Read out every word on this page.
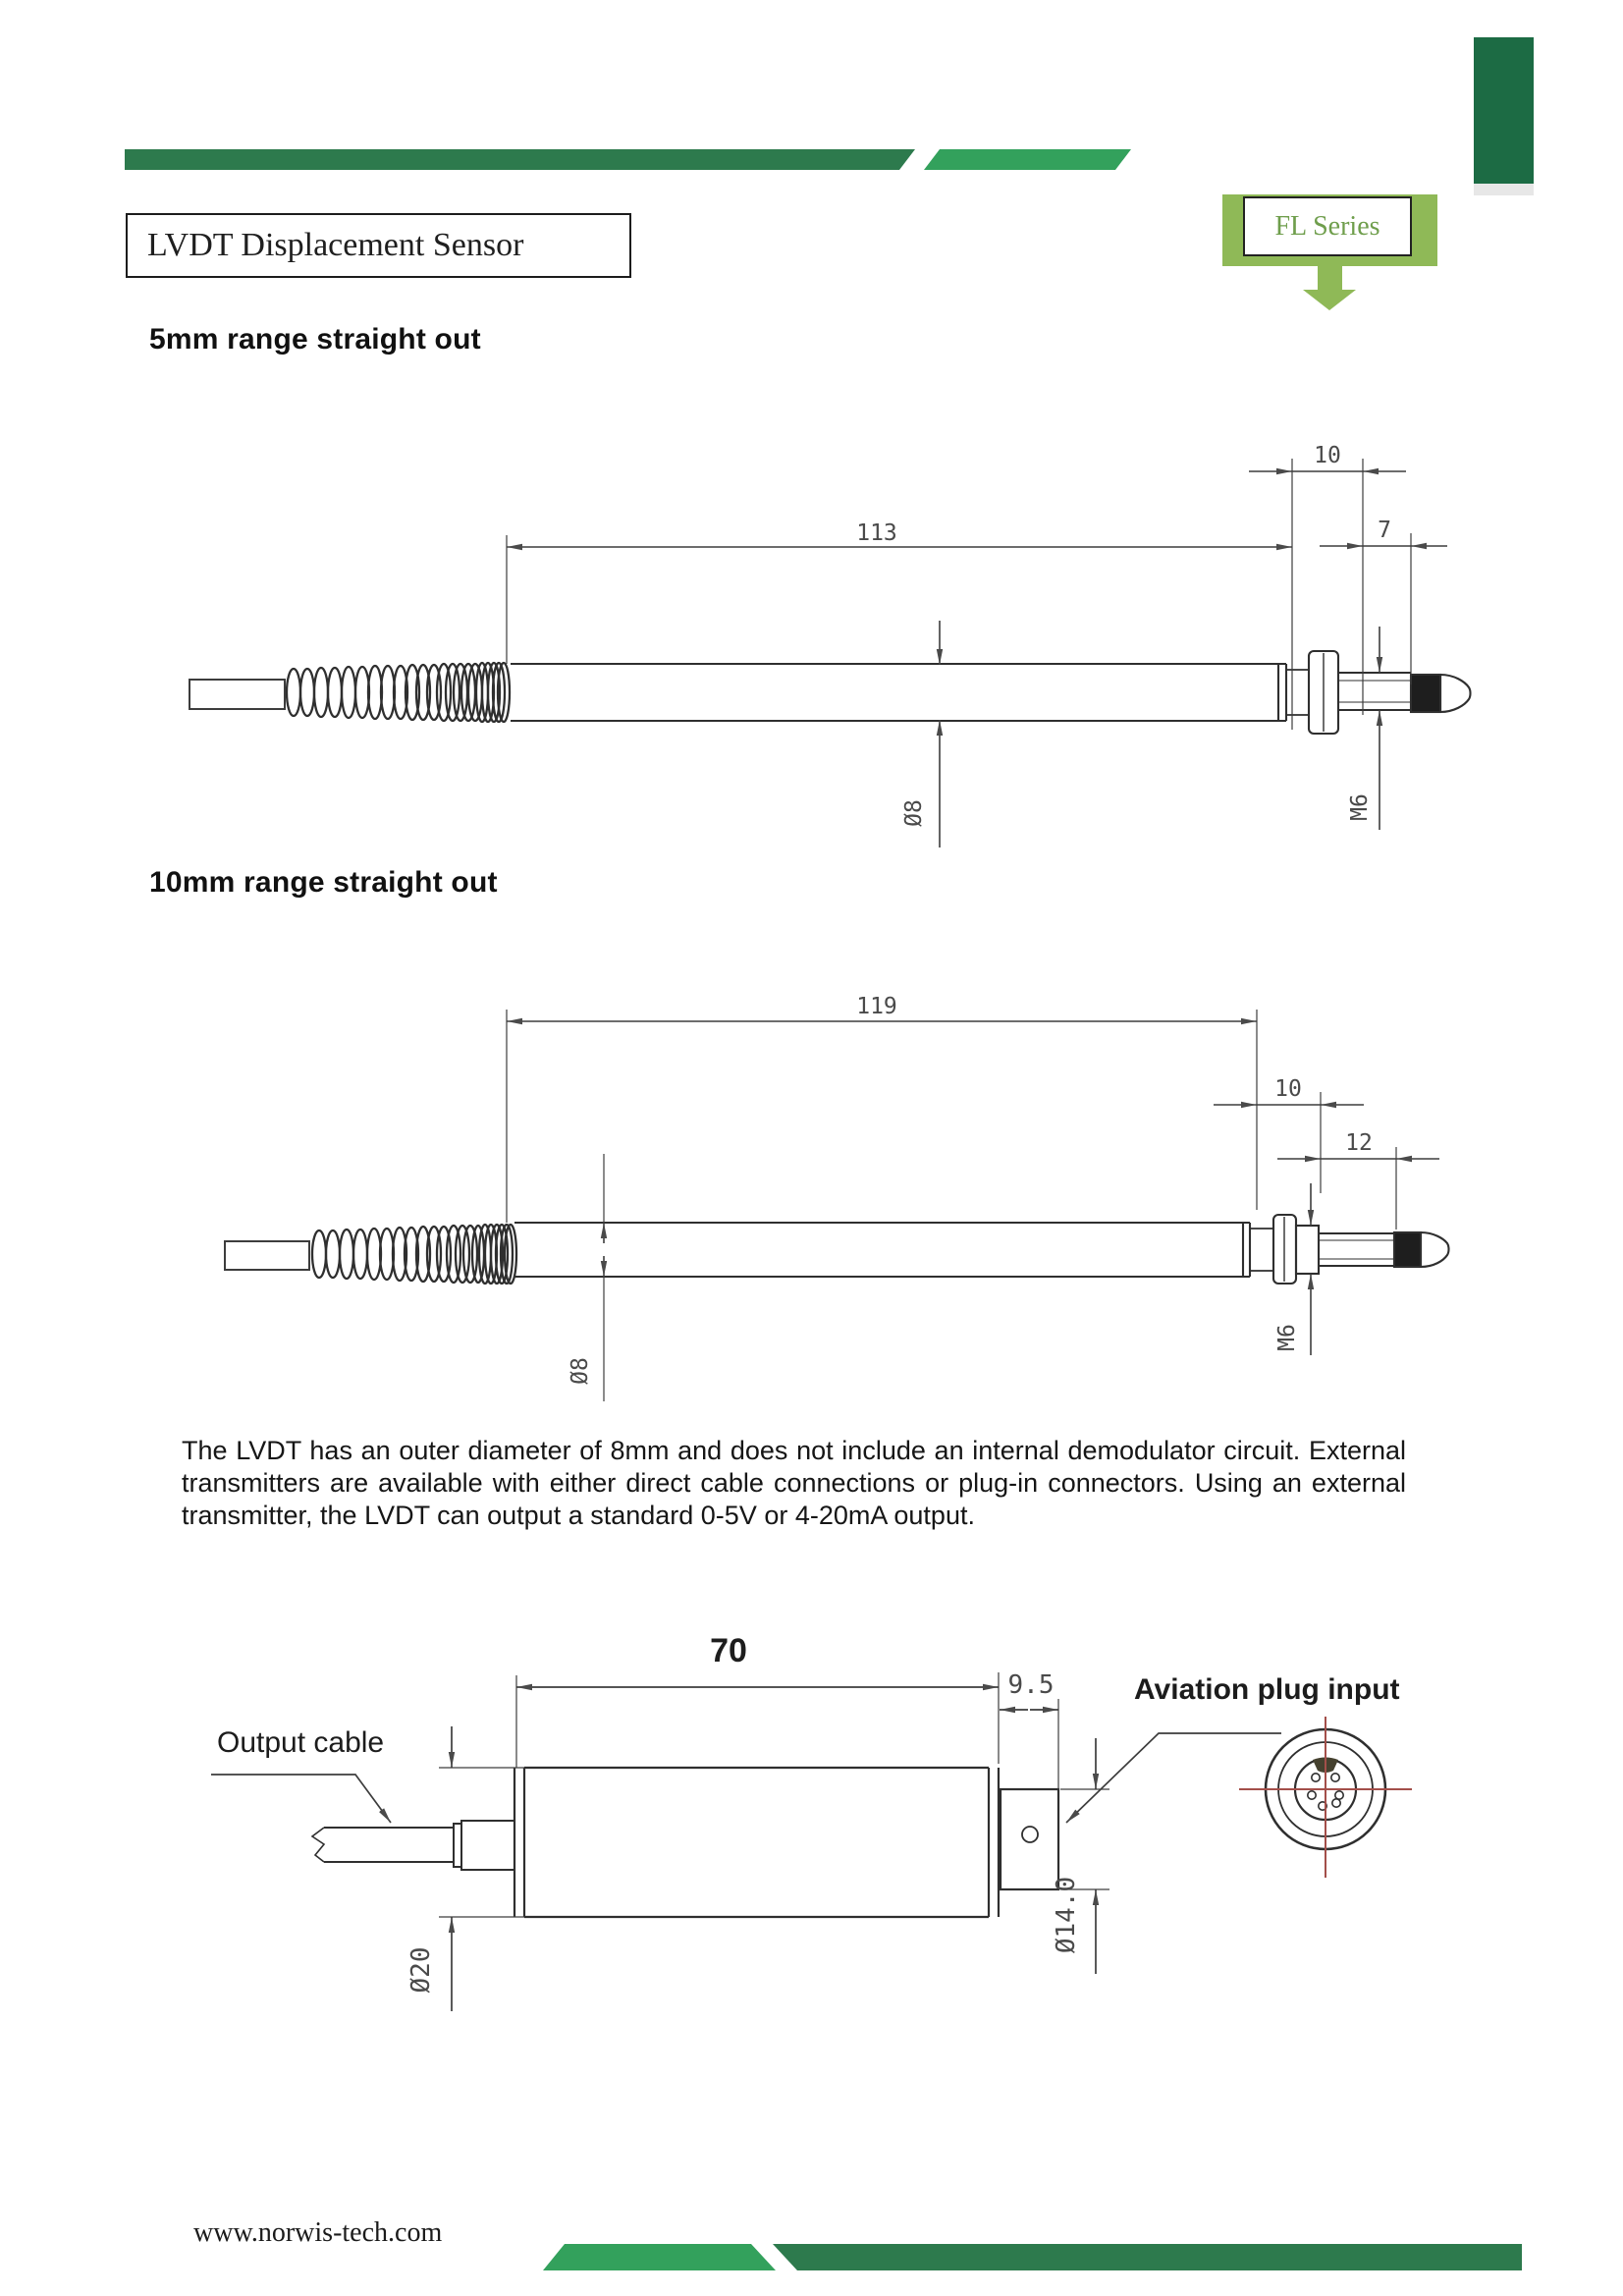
113
10
7
Ø8	M6
119
10
12
Ø8
M6
70
9.5
Ø20
Ø14.0
Output cable
Aviation plug input
LVDT Displacement Sensor
FL Series
5mm range straight out
10mm range straight out
The LVDT has an outer diameter of 8mm and does not include an internal demodulator circuit. External
transmitters are available with either direct cable connections or plug-in connectors. Using an external
transmitter, the LVDT can output a standard 0-5V or 4-20mA output.
www.norwis-tech.com
